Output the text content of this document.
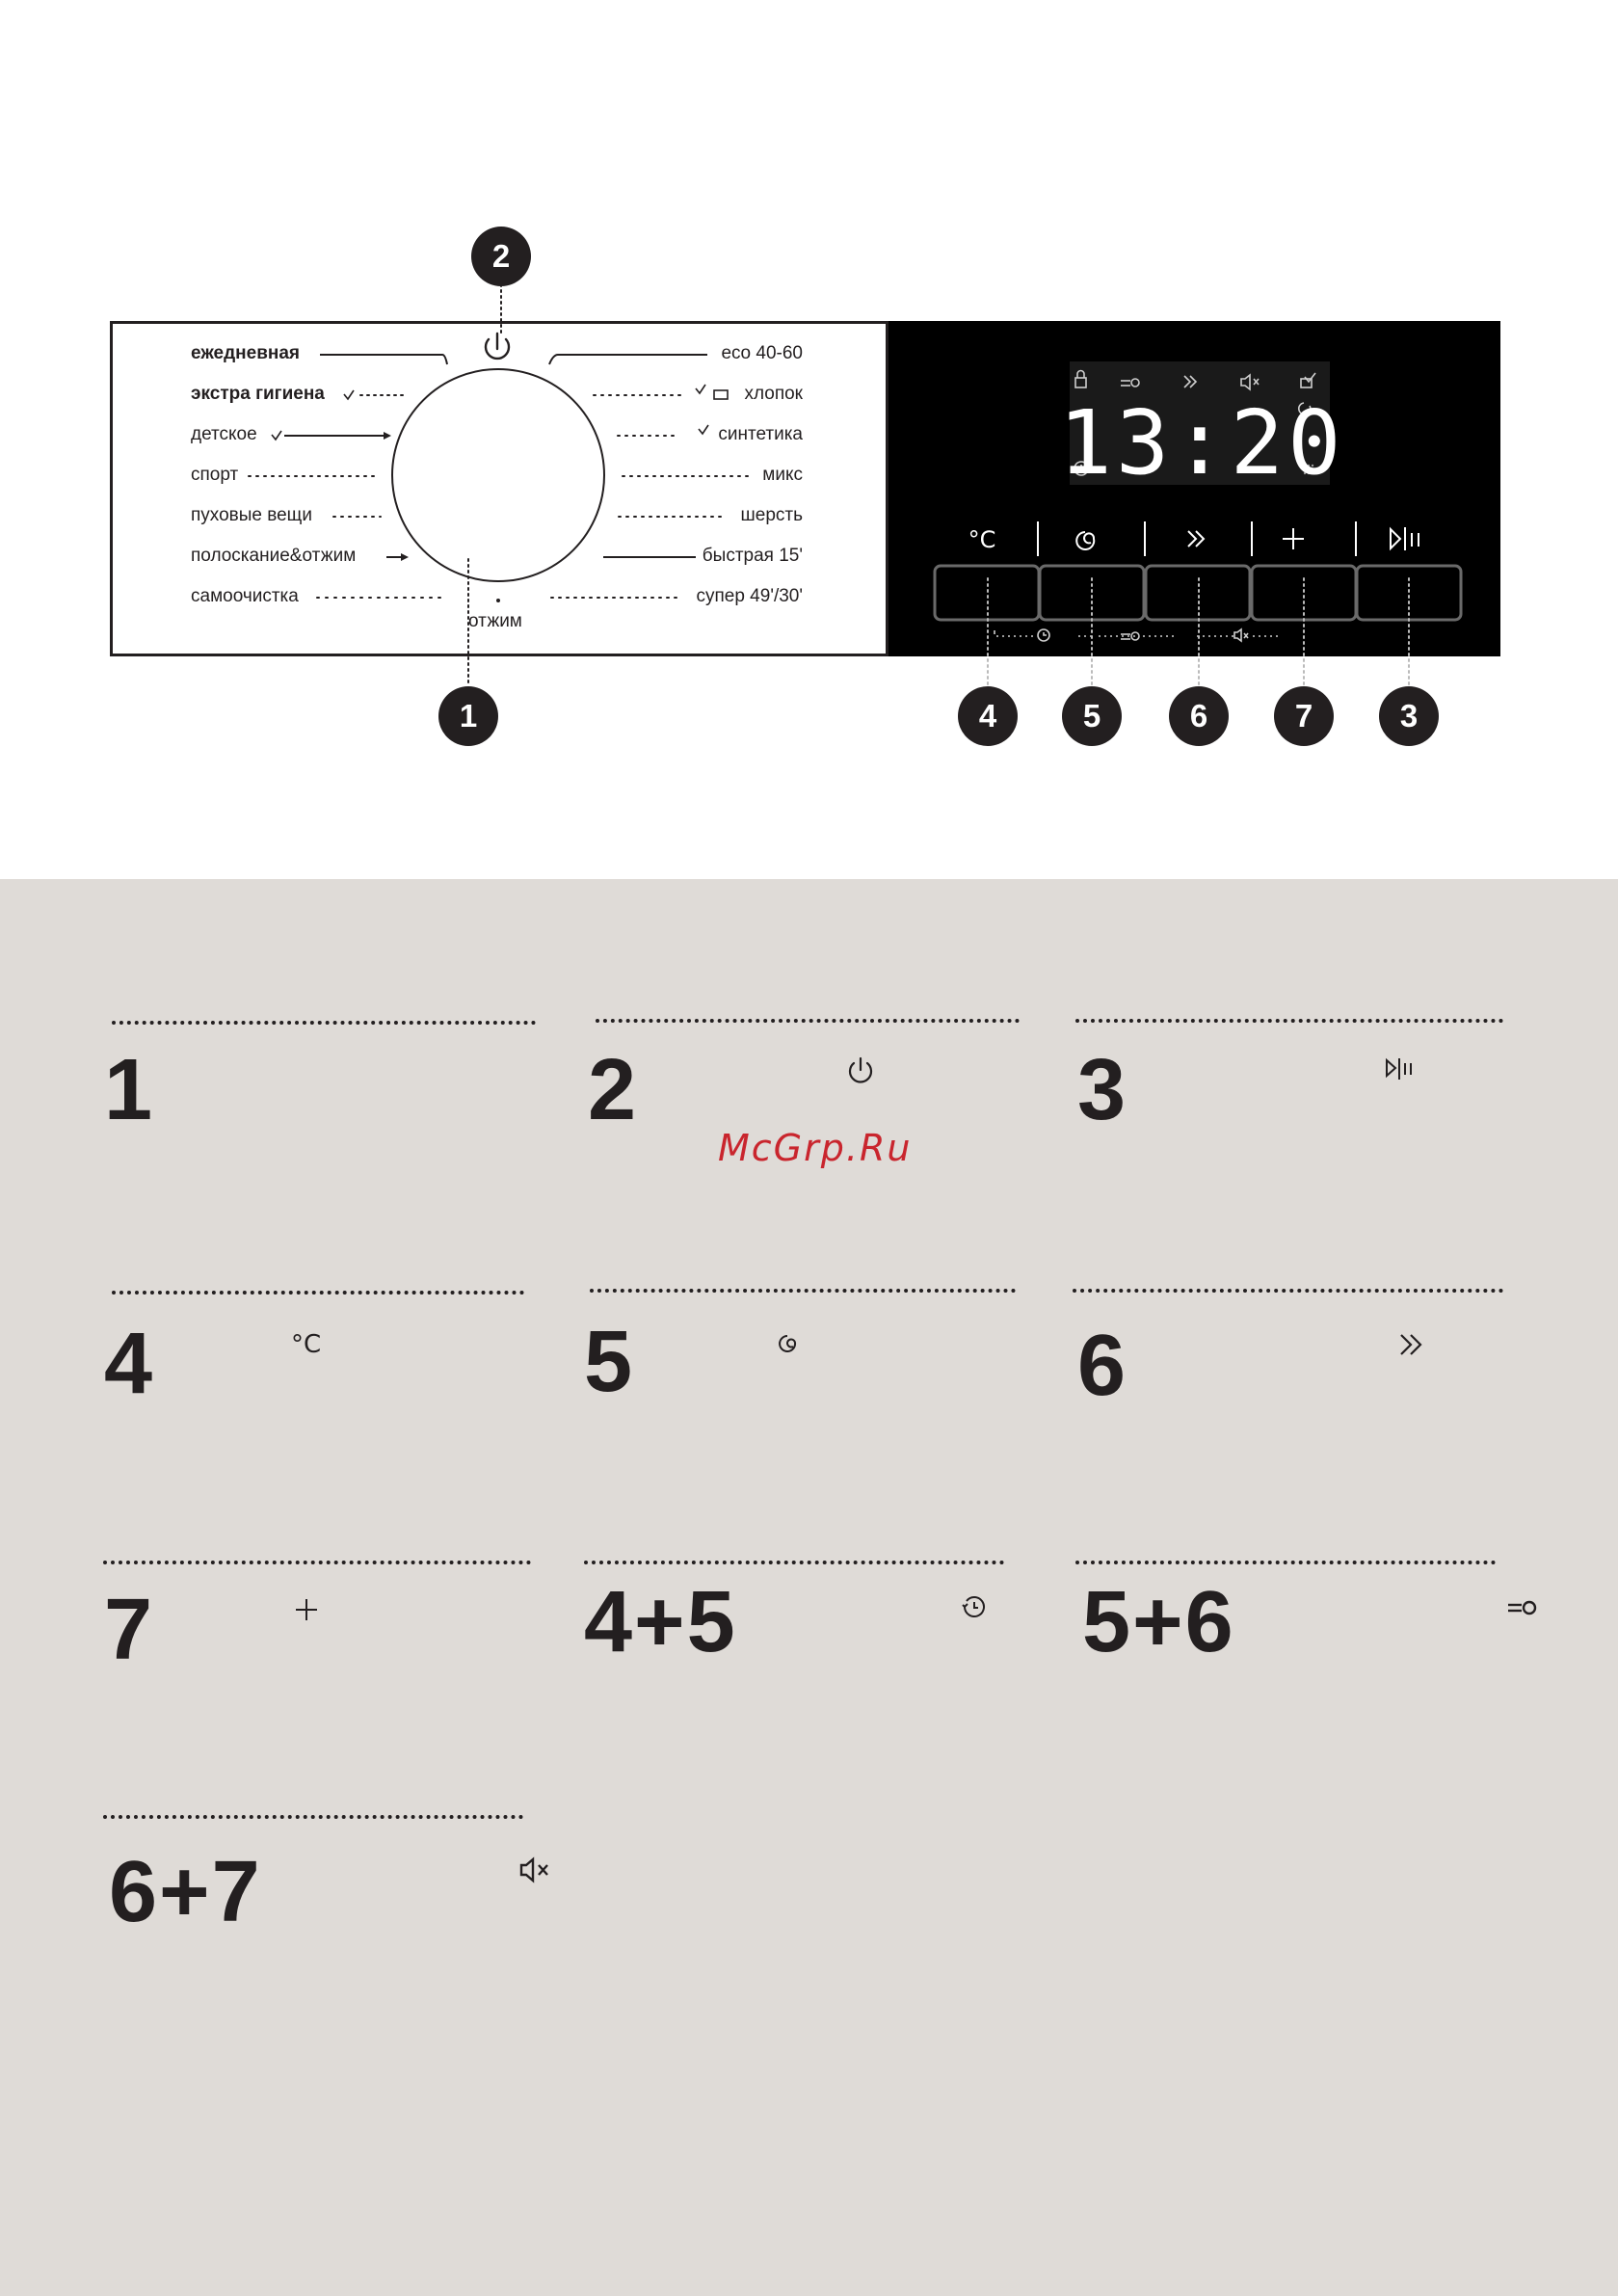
ежедневная
экстра гигиена
детское
спорт
пуховые вещи
полоскание&отжим
самоочистка
eco 40-60
хлопок
синтетика
микс
шерсть
быстрая 15'
супер 49'/30'
отжим
13:20
°C
2
1	4	5	6	7	3
1	2	3
McGrp.Ru
4	5	6
°C
7	4+5	5+6
6+7
